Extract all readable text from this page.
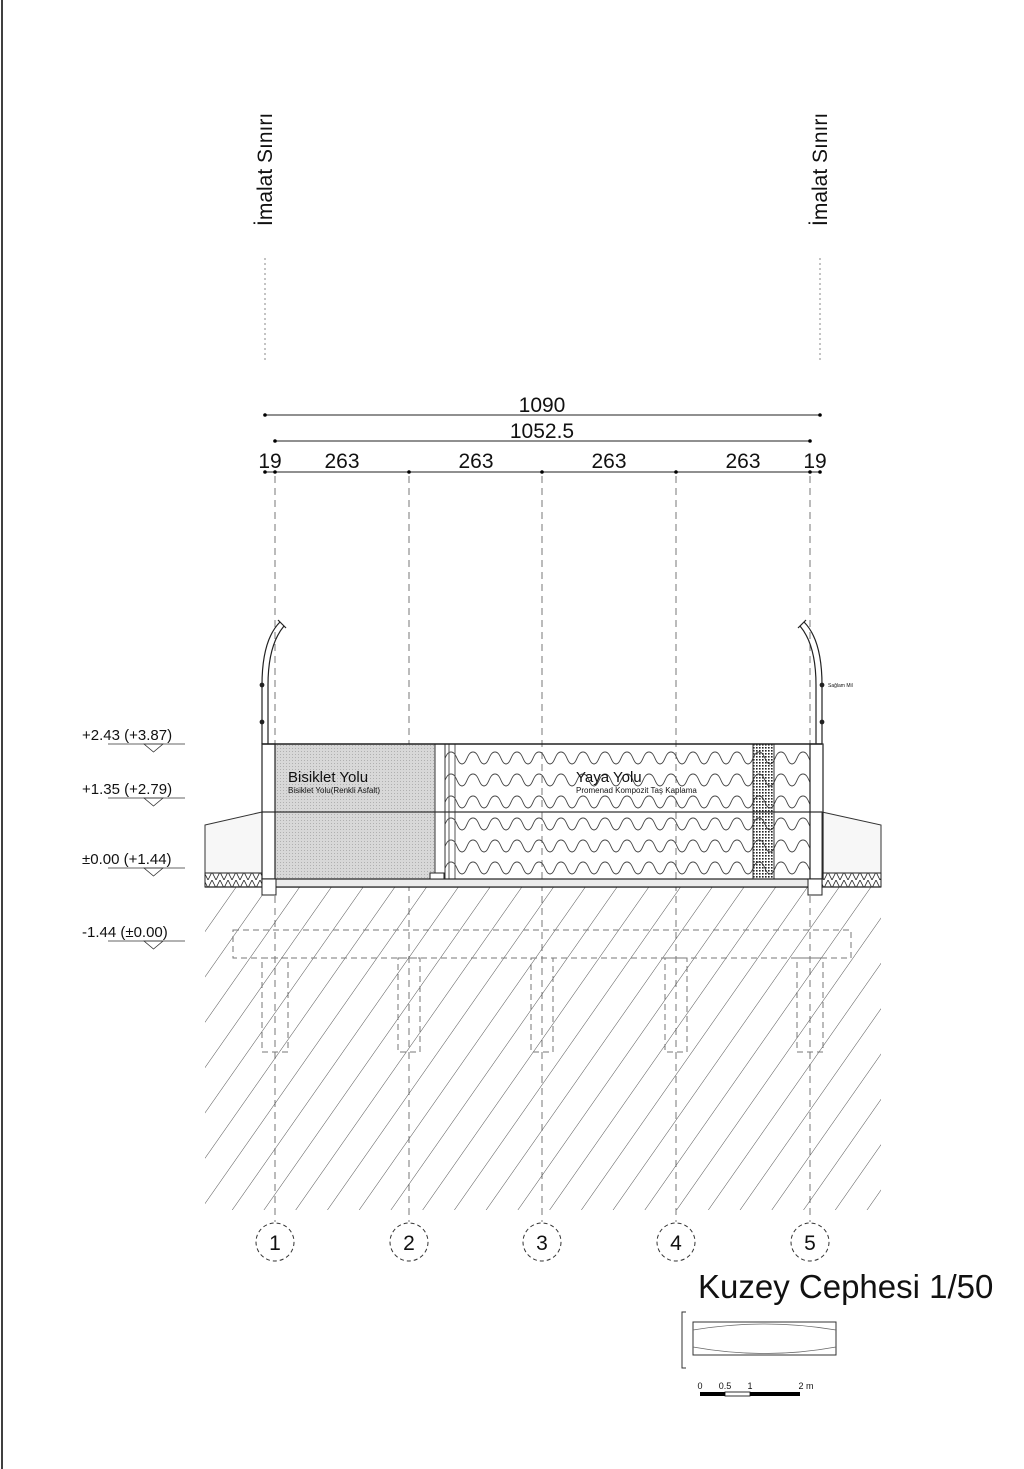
İmalat Sınırı	İmalat Sınırı
1090
1052.5
19 263	263	263	263 19
Sağlam Mil
Bisiklet Yolu
Bisiklet Yolu(Renkli Asfalt)
Yaya Yolu
Promenad Kompozit Taş Kaplama
+2.43 (+3.87)
+1.35 (+2.79)
±0.00 (+1.44)
-1.44 (±0.00)
1	2	3	4	5
Kuzey Cephesi 1/50
0 0.5 1	2 m
